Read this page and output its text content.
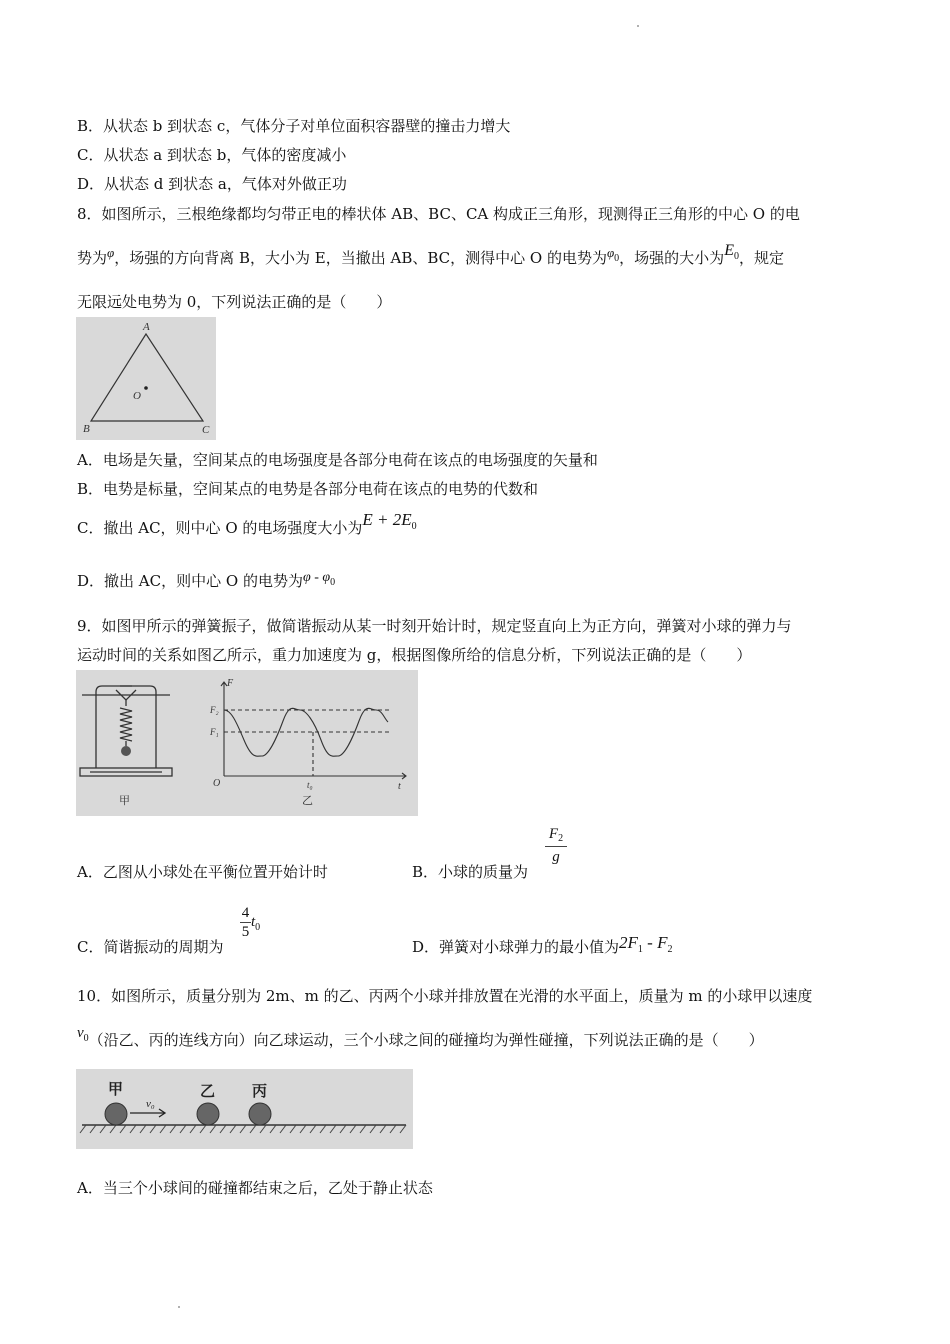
B．从状态 b 到状态 c，气体分子对单位面积容器壁的撞击力增大
C．从状态 a 到状态 b，气体的密度减小
D．从状态 d 到状态 a，气体对外做正功
8．如图所示，三根绝缘都均匀带正电的棒状体 AB、BC、CA 构成正三角形，现测得正三角形的中心 O 的电
势为φ，场强的方向背离 B，大小为 E，当撤出 AB、BC，测得中心 O 的电势为$\varphi_0$，场强的大小为$E_0$，规定
无限远处电势为 0，下列说法正确的是（　　）
A
B	C
O
A．电场是矢量，空间某点的电场强度是各部分电荷在该点的电场强度的矢量和
B．电势是标量，空间某点的电势是各部分电荷在该点的电势的代数和
C．撤出 AC，则中心 O 的电场强度大小为$E + 2E_0$
D．撤出 AC，则中心 O 的电势为φ - $\varphi_0$
9．如图甲所示的弹簧振子，做简谐振动从某一时刻开始计时，规定竖直向上为正方向，弹簧对小球的弹力与
运动时间的关系如图乙所示，重力加速度为 g，根据图像所给的信息分析，下列说法正确的是（　　）
甲
F
F₂
F₁
O	t₀	t
乙
A．乙图从小球处在平衡位置开始计时	B．小球的质量为
$F_2$
g
C．简谐振动的周期为
$\frac{4}{5} t_0$
D．弹簧对小球弹力的最小值为$2F_1 - F_2$
10．如图所示，质量分别为 2m、m 的乙、丙两个小球并排放置在光滑的水平面上，质量为 m 的小球甲以速度
$v_0$（沿乙、丙的连线方向）向乙球运动，三个小球之间的碰撞均为弹性碰撞，下列说法正确的是（　　）
甲	乙 丙
v₀
A．当三个小球间的碰撞都结束之后，乙处于静止状态
